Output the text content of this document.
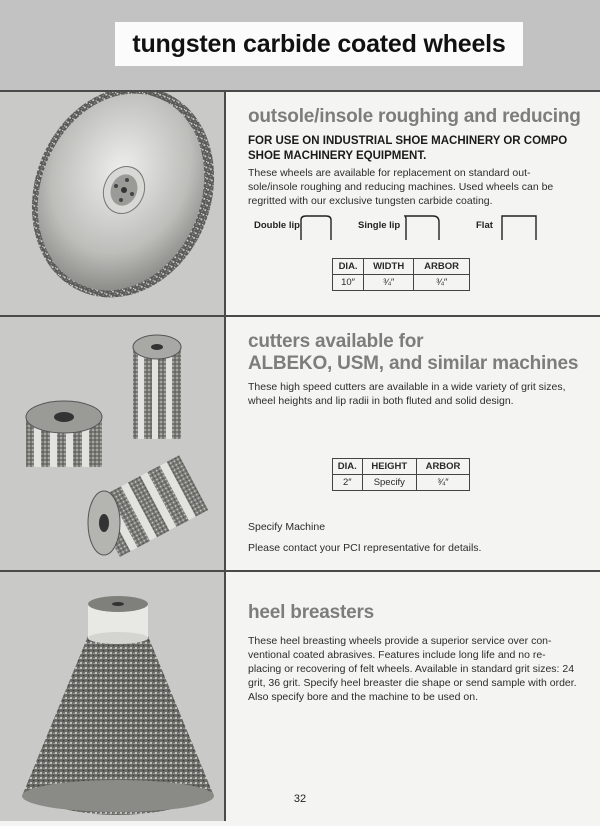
tungsten carbide coated wheels
outsole/insole roughing and reducing
FOR USE ON INDUSTRIAL SHOE MACHINERY OR COMPO SHOE MACHINERY EQUIPMENT.
These wheels are available for replacement on standard out-sole/insole roughing and reducing machines. Used wheels can be regritted with our exclusive tungsten carbide coating.
Double lip	Single lip	Flat
DIA.	WIDTH	ARBOR
10″	¾″	¾″
cutters available for
ALBEKO, USM, and similar machines
These high speed cutters are available in a wide variety of grit sizes, wheel heights and lip radii in both fluted and solid design.
DIA.	HEIGHT	ARBOR
2″	Specify	¾″
Specify Machine
Please contact your PCI representative for details.
heel breasters
These heel breasting wheels provide a superior service over con-ventional coated abrasives. Features include long life and no re-placing or recovering of felt wheels. Available in standard grit sizes: 24 grit, 36 grit. Specify heel breaster die shape or send sample with order. Also specify bore and the machine to be used on.
32
